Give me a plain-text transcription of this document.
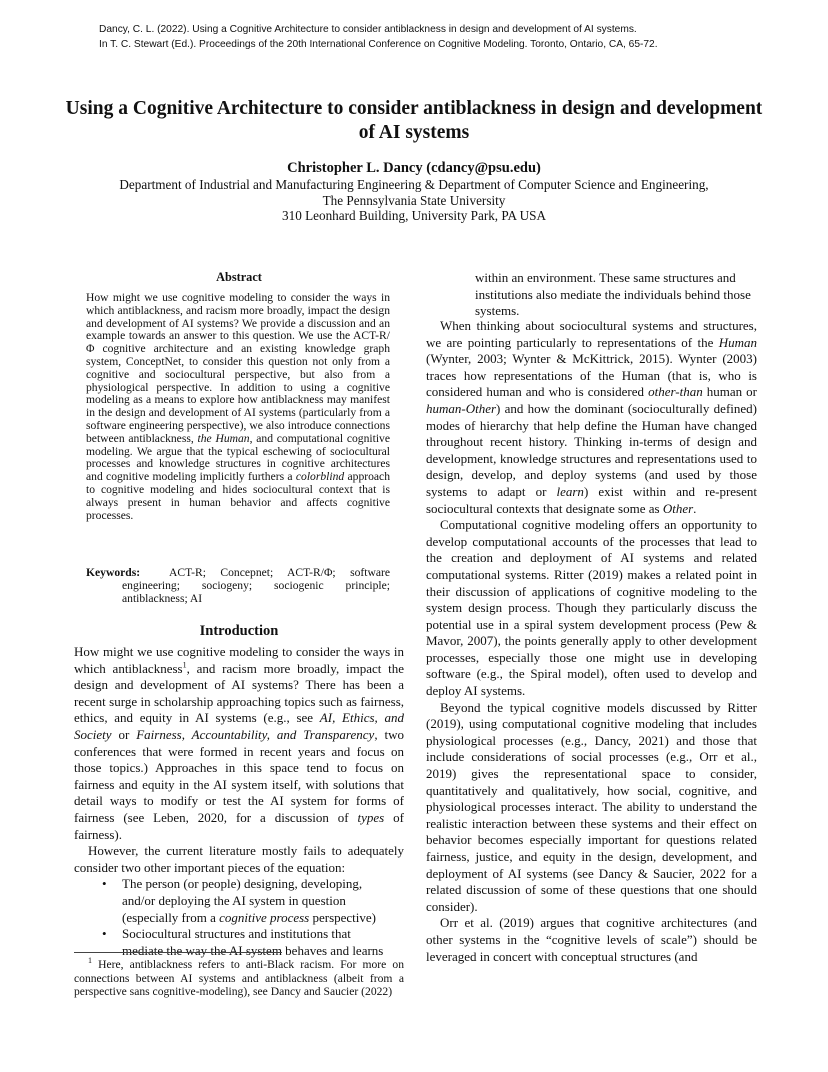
Dancy, C. L. (2022). Using a Cognitive Architecture to consider antiblackness in design and development of AI systems.
In T. C. Stewart (Ed.). Proceedings of the 20th International Conference on Cognitive Modeling. Toronto, Ontario, CA, 65-72.
Using a Cognitive Architecture to consider antiblackness in design and development
of AI systems
Christopher L. Dancy (cdancy@psu.edu)
Department of Industrial and Manufacturing Engineering & Department of Computer Science and Engineering,
The Pennsylvania State University
310 Leonhard Building, University Park, PA USA
Abstract
How might we use cognitive modeling to consider the ways in which antiblackness, and racism more broadly, impact the design and development of AI systems? We provide a discussion and an example towards an answer to this question. We use the ACT-R/Φ cognitive architecture and an existing knowledge graph system, ConceptNet, to consider this question not only from a cognitive and sociocultural perspective, but also from a physiological perspective. In addition to using a cognitive modeling as a means to explore how antiblackness may manifest in the design and development of AI systems (particularly from a software engineering perspective), we also introduce connections between antiblackness, the Human, and computational cognitive modeling. We argue that the typical eschewing of sociocultural processes and knowledge structures in cognitive architectures and cognitive modeling implicitly furthers a colorblind approach to cognitive modeling and hides sociocultural context that is always present in human behavior and affects cognitive processes.
Keywords: ACT-R; Concepnet; ACT-R/Φ; software engineering; sociogeny; sociogenic principle; antiblackness; AI
Introduction

How might we use cognitive modeling to consider the ways in which antiblackness$^1$, and racism more broadly, impact the design and development of AI systems? There has been a recent surge in scholarship approaching topics such as fairness, ethics, and equity in AI systems (e.g., see AI, Ethics, and Society or Fairness, Accountability, and Transparency, two conferences that were formed in recent years and focus on those topics.) Approaches in this space tend to focus on fairness and equity in the AI system itself, with solutions that detail ways to modify or test the AI system for forms of fairness (see Leben, 2020, for a discussion of types of fairness).

However, the current literature mostly fails to adequately consider two other important pieces of the equation:

• The person (or people) designing, developing, and/or deploying the AI system in question (especially from a cognitive process perspective)
• Sociocultural structures and institutions that mediate the way the AI system behaves and learns

$^1$ Here, antiblackness refers to anti-Black racism. For more on connections between AI systems and antiblackness (albeit from a perspective sans cognitive-modeling), see Dancy and Saucier (2022)

within an environment. These same structures and institutions also mediate the individuals behind those systems.

When thinking about sociocultural systems and structures, we are pointing particularly to representations of the Human (Wynter, 2003; Wynter & McKittrick, 2015). Wynter (2003) traces how representations of the Human (that is, who is considered human and who is considered other-than human or human-Other) and how the dominant (socioculturally defined) modes of hierarchy that help define the Human have changed throughout recent history. Thinking in-terms of design and development, knowledge structures and representations used to design, develop, and deploy systems (and used by those systems to adapt or learn) exist within and re-present sociocultural contexts that designate some as Other.

Computational cognitive modeling offers an opportunity to develop computational accounts of the processes that lead to the creation and deployment of AI systems and related computational systems. Ritter (2019) makes a related point in their discussion of applications of cognitive modeling to the system design process. Though they particularly discuss the potential use in a spiral system development process (Pew & Mavor, 2007), the points generally apply to other development processes, especially those one might use in developing software (e.g., the Spiral model), often used to develop and deploy AI systems.

Beyond the typical cognitive models discussed by Ritter (2019), using computational cognitive modeling that includes physiological processes (e.g., Dancy, 2021) and those that include considerations of social processes (e.g., Orr et al., 2019) gives the representational space to consider, quantitatively and qualitatively, how social, cognitive, and physiological processes interact. The ability to understand the realistic interaction between these systems and their effect on behavior becomes especially important for questions related fairness, justice, and equity in the design, development, and deployment of AI systems (see Dancy & Saucier, 2022 for a related discussion of some of these questions that one should consider).

Orr et al. (2019) argues that cognitive architectures (and other systems in the “cognitive levels of scale”) should be leveraged in concert with conceptual structures (and
